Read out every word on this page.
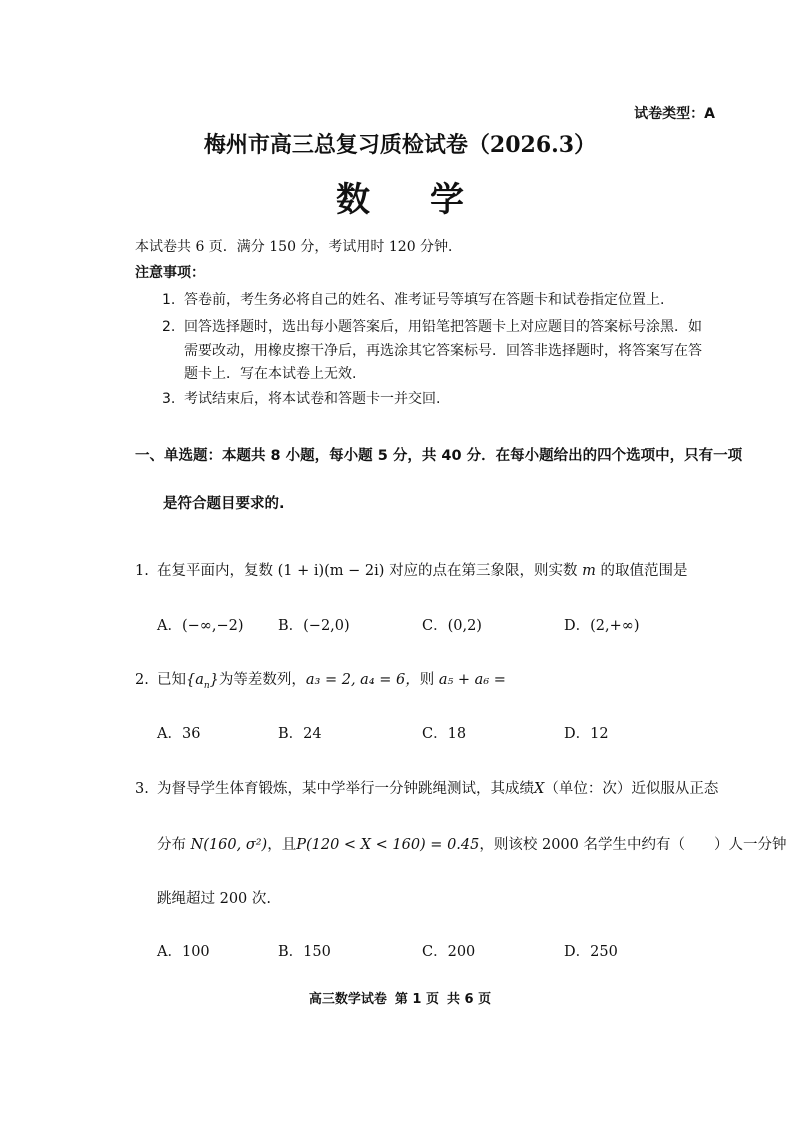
试卷类型：A
梅州市高三总复习质检试卷（2026.3）
数学
本试卷共 6 页．满分 150 分，考试用时 120 分钟．
注意事项：
1. 答卷前，考生务必将自己的姓名、准考证号等填写在答题卡和试卷指定位置上.
2. 回答选择题时，选出每小题答案后，用铅笔把答题卡上对应题目的答案标号涂黑．如
需要改动，用橡皮擦干净后，再选涂其它答案标号．回答非选择题时，将答案写在答
题卡上．写在本试卷上无效.
3. 考试结束后，将本试卷和答题卡一并交回.
一、单选题：本题共 8 小题，每小题 5 分，共 40 分．在每小题给出的四个选项中，只有一项
是符合题目要求的.
1. 在复平面内，复数 (1 + i)(m − 2i) 对应的点在第三象限，则实数 m 的取值范围是
A．(−∞,−2) B．(−2,0)	C．(0,2)	D．(2,+∞)
2. 已知$\{a_n\}$为等差数列，a₃ = 2, a₄ = 6，则 a₅ + a₆ =
A．36	B．24	C．18	D．12
3. 为督导学生体育锻炼，某中学举行一分钟跳绳测试，其成绩X（单位：次）近似服从正态
分布 N(160, σ²)，且P(120 < X < 160) = 0.45，则该校 2000 名学生中约有（　　）人一分钟
跳绳超过 200 次.
A．100	B．150	C．200	D．250
高三数学试卷 第 1 页 共 6 页
